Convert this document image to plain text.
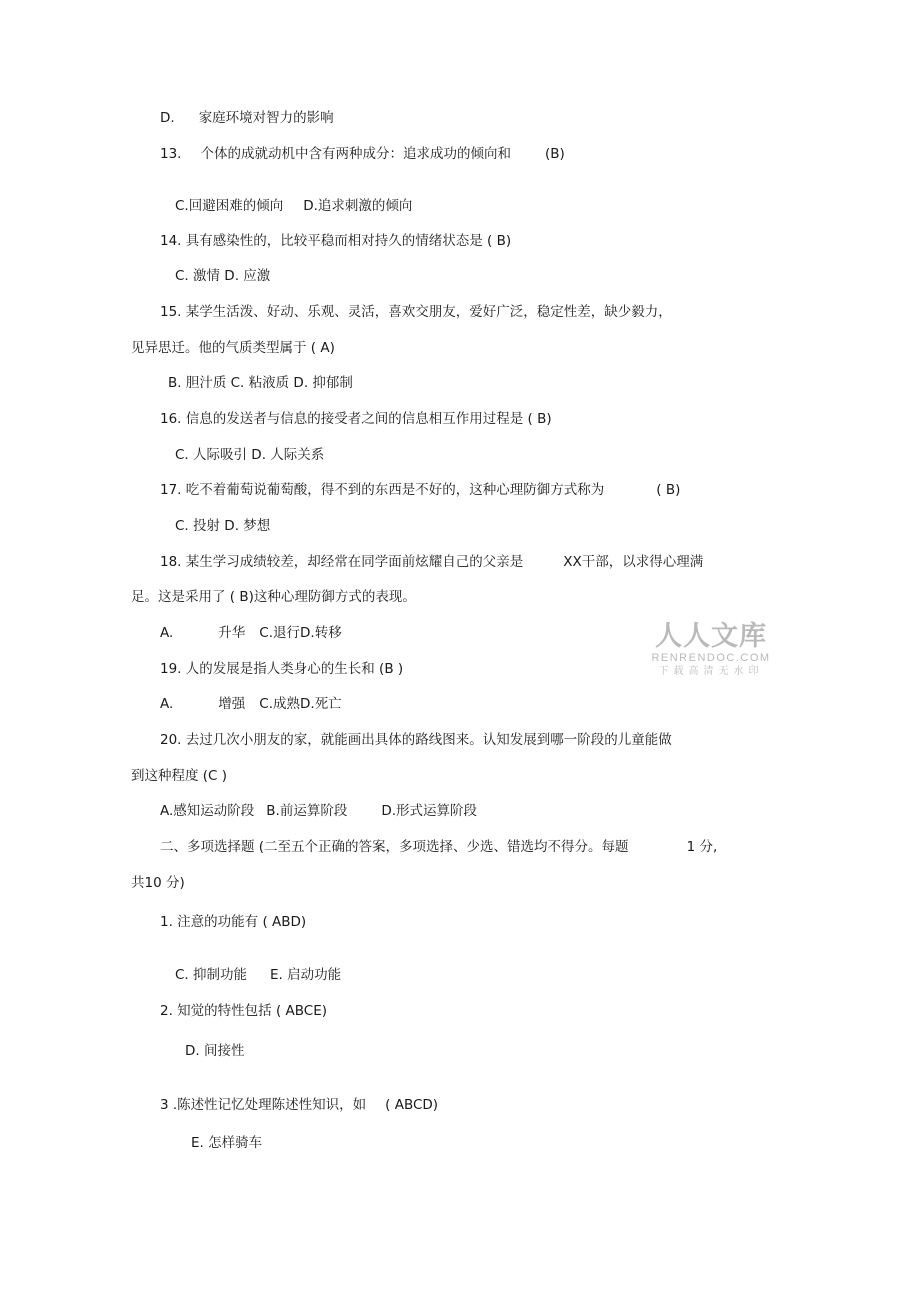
D. 家庭环境对智力的影响
13. 个体的成就动机中含有两种成分：追求成功的倾向和	(B)
C.回避困难的倾向 D.追求刺激的倾向
14. 具有感染性的，比较平稳而相对持久的情绪状态是 ( B)
C. 激情 D. 应激
15. 某学生活泼、好动、乐观、灵活，喜欢交朋友，爱好广泛，稳定性差，缺少毅力，
见异思迁。他的气质类型属于 ( A)
B. 胆汁质 C. 粘液质 D. 抑郁制
16. 信息的发送者与信息的接受者之间的信息相互作用过程是 ( B)
C. 人际吸引 D. 人际关系
17. 吃不着葡萄说葡萄酸，得不到的东西是不好的，这种心理防御方式称为	( B)
C. 投射 D. 梦想
18. 某生学习成绩较差，却经常在同学面前炫耀自己的父亲是	XX干部，以求得心理满
足。这是采用了 ( B)这种心理防御方式的表现。
A.	升华 C.退行D.转移
19. 人的发展是指人类身心的生长和 (B )
A.	增强 C.成熟D.死亡
20. 去过几次小朋友的家，就能画出具体的路线图来。认知发展到哪一阶段的儿童能做
到这种程度 (C )
A.感知运动阶段 B.前运算阶段	D.形式运算阶段
二、多项选择题 (二至五个正确的答案，多项选择、少选、错选均不得分。每题	1 分,
共10 分)
1. 注意的功能有 ( ABD)
C. 抑制功能 E. 启动功能
2. 知觉的特性包括 ( ABCE)
D. 间接性
3 .陈述性记忆处理陈述性知识，如 ( ABCD)
E. 怎样骑车
人人文库
RENRENDOC.COM
下载高清无水印
